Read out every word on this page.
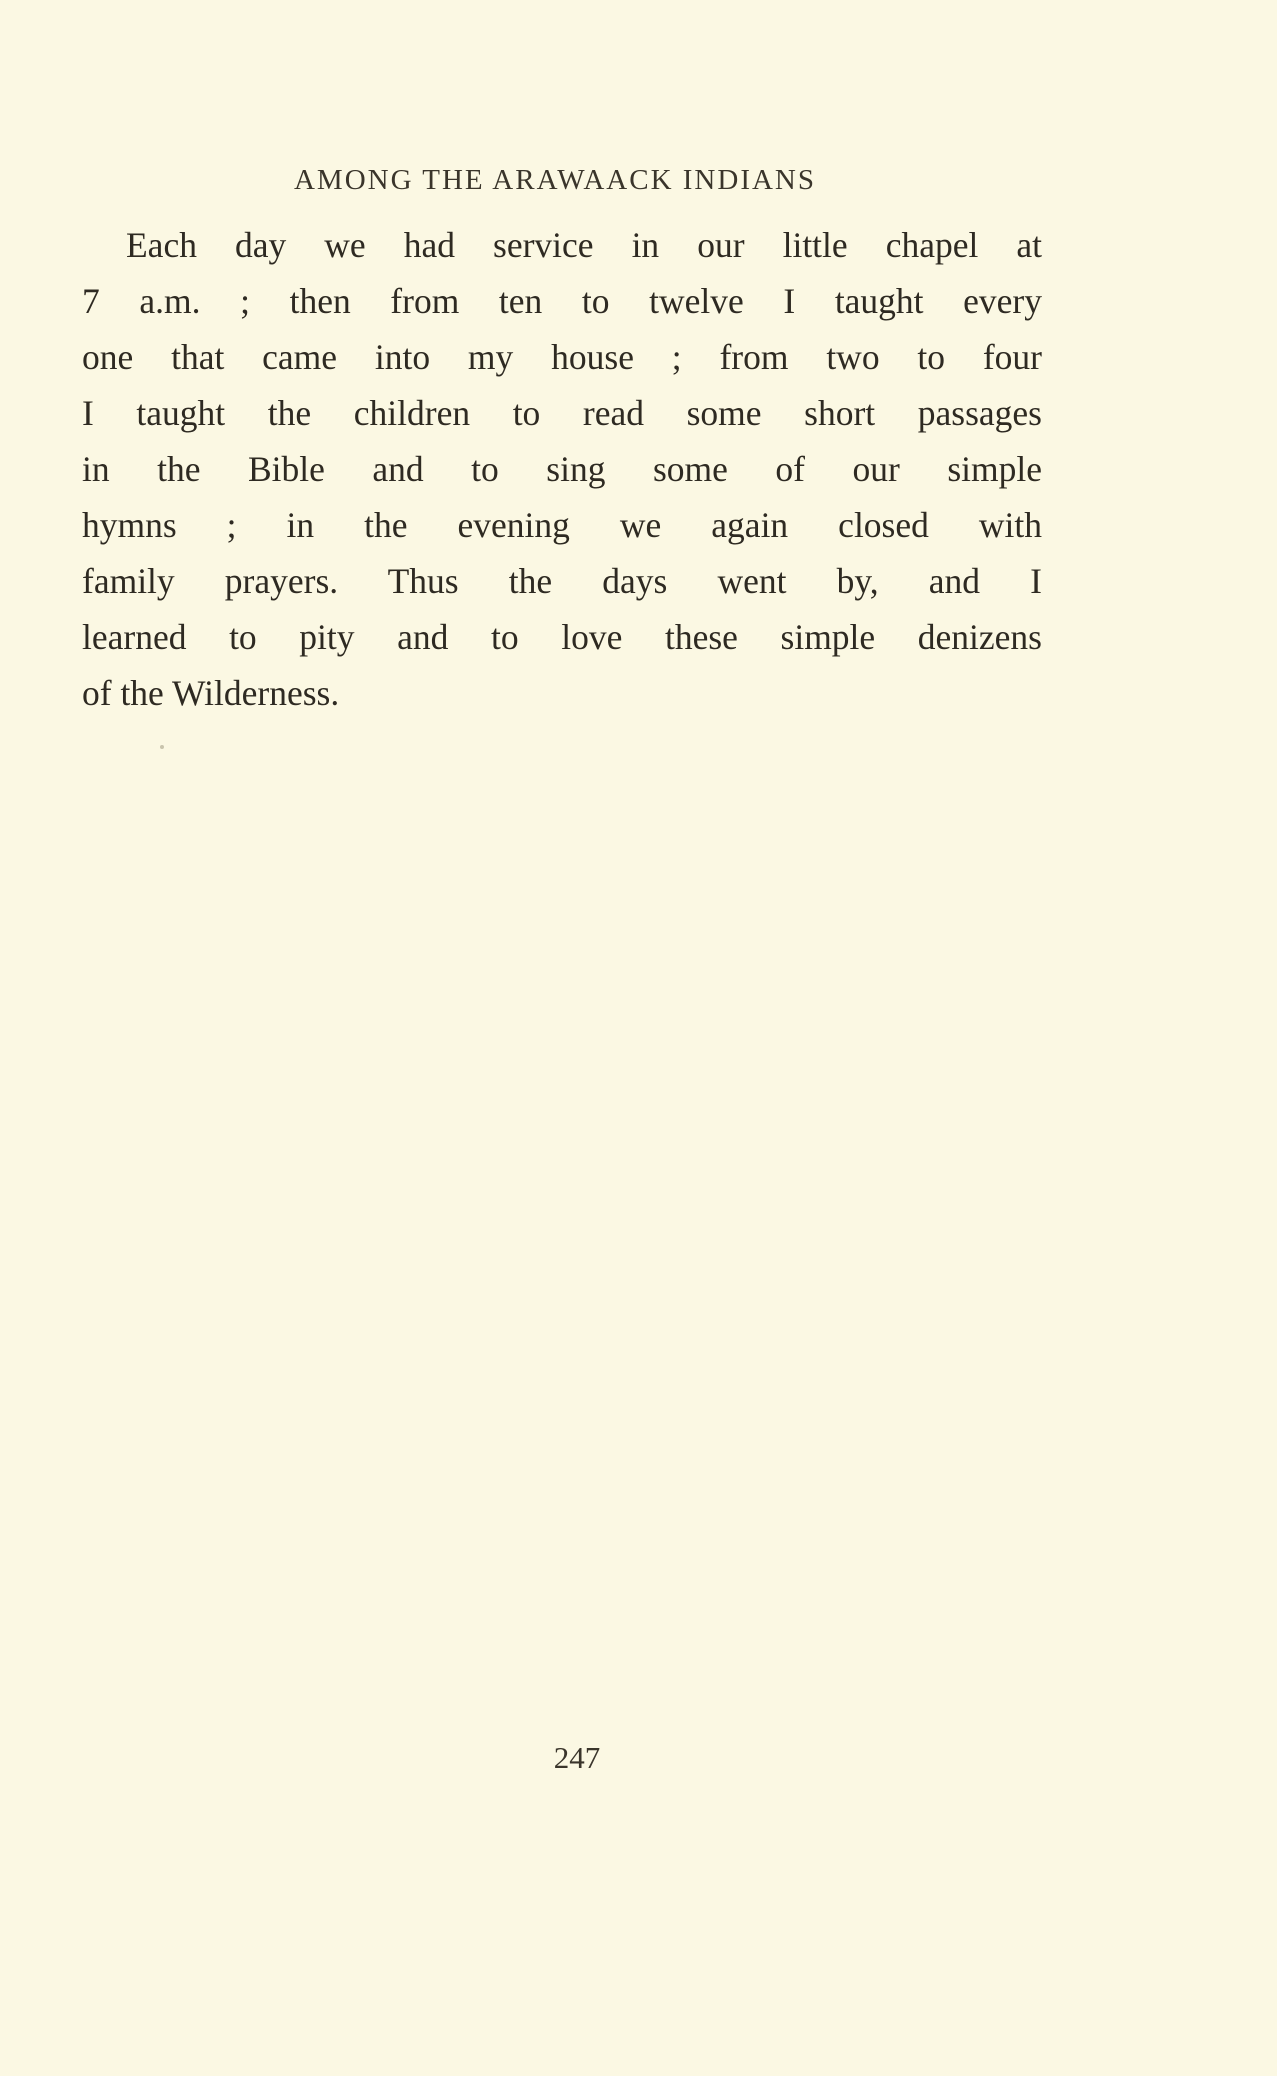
AMONG THE ARAWAACK INDIANS
Each day we had service in our little chapel at
7 a.m. ; then from ten to twelve I taught every
one that came into my house ; from two to four
I taught the children to read some short passages
in the Bible and to sing some of our simple
hymns ; in the evening we again closed with
family prayers. Thus the days went by, and I
learned to pity and to love these simple denizens
of the Wilderness.
247
